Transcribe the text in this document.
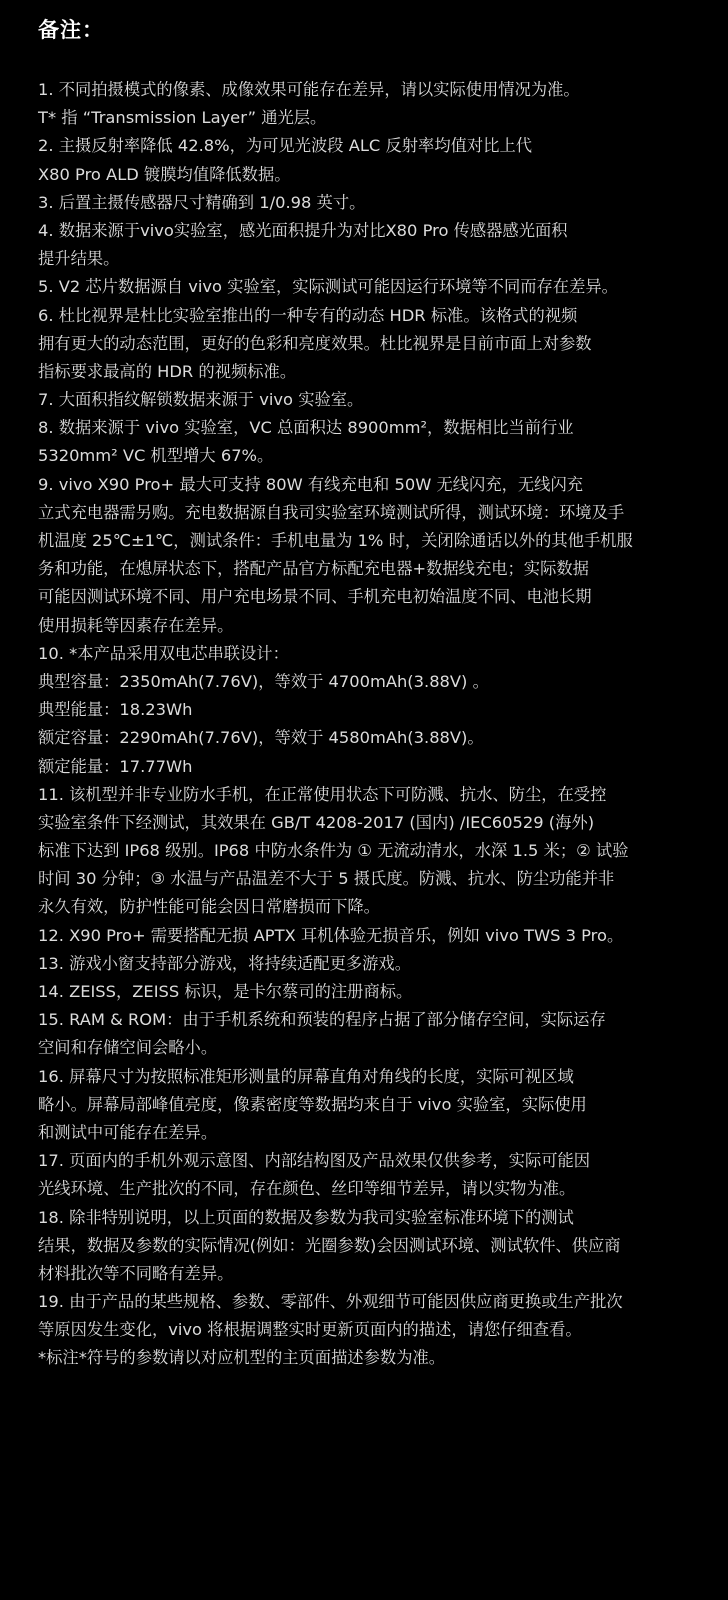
备注：
1. 不同拍摄模式的像素、成像效果可能存在差异，请以实际使用情况为准。
T* 指 “Transmission Layer” 通光层。
2. 主摄反射率降低 42.8%，为可见光波段 ALC 反射率均值对比上代
X80 Pro ALD 镀膜均值降低数据。
3. 后置主摄传感器尺寸精确到 1/0.98 英寸。
4. 数据来源于vivo实验室，感光面积提升为对比X80 Pro 传感器感光面积
提升结果。
5. V2 芯片数据源自 vivo 实验室，实际测试可能因运行环境等不同而存在差异。
6. 杜比视界是杜比实验室推出的一种专有的动态 HDR 标准。该格式的视频
拥有更大的动态范围，更好的色彩和亮度效果。杜比视界是目前市面上对参数
指标要求最高的 HDR 的视频标准。
7. 大面积指纹解锁数据来源于 vivo 实验室。
8. 数据来源于 vivo 实验室，VC 总面积达 8900mm²，数据相比当前行业
5320mm² VC 机型增大 67%。
9. vivo X90 Pro+ 最大可支持 80W 有线充电和 50W 无线闪充，无线闪充
立式充电器需另购。充电数据源自我司实验室环境测试所得，测试环境：环境及手
机温度 25℃±1℃，测试条件：手机电量为 1% 时，关闭除通话以外的其他手机服
务和功能，在熄屏状态下，搭配产品官方标配充电器+数据线充电；实际数据
可能因测试环境不同、用户充电场景不同、手机充电初始温度不同、电池长期
使用损耗等因素存在差异。
10. *本产品采用双电芯串联设计：
典型容量：2350mAh(7.76V)，等效于 4700mAh(3.88V) 。
典型能量：18.23Wh
额定容量：2290mAh(7.76V)，等效于 4580mAh(3.88V)。
额定能量：17.77Wh
11. 该机型并非专业防水手机，在正常使用状态下可防溅、抗水、防尘，在受控
实验室条件下经测试，其效果在 GB/T 4208-2017 (国内) /IEC60529 (海外)
标准下达到 IP68 级别。IP68 中防水条件为 ① 无流动清水，水深 1.5 米；② 试验
时间 30 分钟；③ 水温与产品温差不大于 5 摄氏度。防溅、抗水、防尘功能并非
永久有效，防护性能可能会因日常磨损而下降。
12. X90 Pro+ 需要搭配无损 APTX 耳机体验无损音乐，例如 vivo TWS 3 Pro。
13. 游戏小窗支持部分游戏，将持续适配更多游戏。
14. ZEISS，ZEISS 标识，是卡尔蔡司的注册商标。
15. RAM & ROM：由于手机系统和预装的程序占据了部分储存空间，实际运存
空间和存储空间会略小。
16. 屏幕尺寸为按照标准矩形测量的屏幕直角对角线的长度，实际可视区域
略小。屏幕局部峰值亮度，像素密度等数据均来自于 vivo 实验室，实际使用
和测试中可能存在差异。
17. 页面内的手机外观示意图、内部结构图及产品效果仅供参考，实际可能因
光线环境、生产批次的不同，存在颜色、丝印等细节差异，请以实物为准。
18. 除非特别说明，以上页面的数据及参数为我司实验室标准环境下的测试
结果，数据及参数的实际情况(例如：光圈参数)会因测试环境、测试软件、供应商
材料批次等不同略有差异。
19. 由于产品的某些规格、参数、零部件、外观细节可能因供应商更换或生产批次
等原因发生变化，vivo 将根据调整实时更新页面内的描述，请您仔细查看。
*标注*符号的参数请以对应机型的主页面描述参数为准。
